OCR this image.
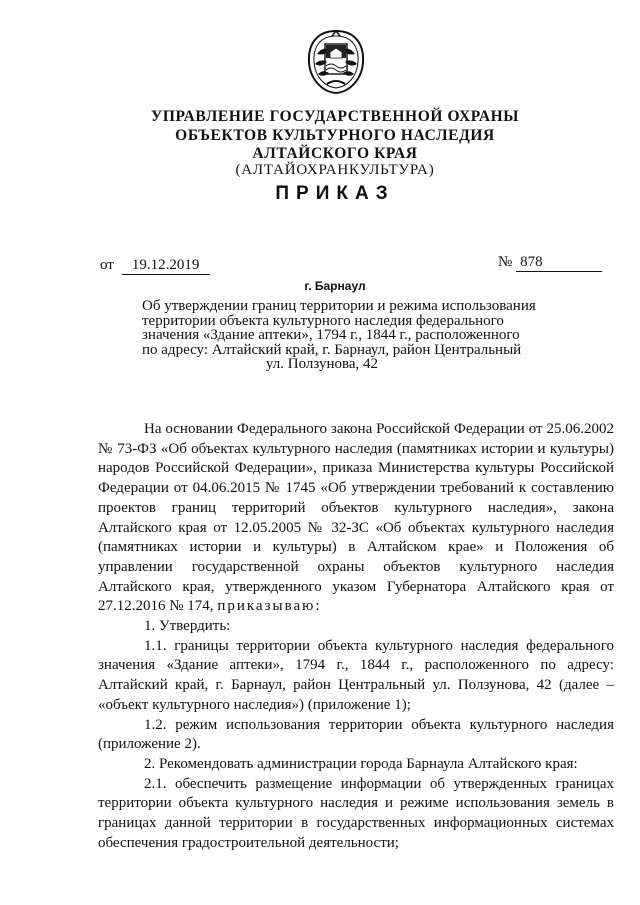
УПРАВЛЕНИЕ ГОСУДАРСТВЕННОЙ ОХРАНЫ
ОБЪЕКТОВ КУЛЬТУРНОГО НАСЛЕДИЯ
АЛТАЙСКОГО КРАЯ
(АЛТАЙОХРАНКУЛЬТУРА)
ПРИКАЗ
от 19.12.2019	№ 878
г. Барнаул
Об утверждении границ территории и режима использования
территории объекта культурного наследия федерального
значения «Здание аптеки», 1794 г., 1844 г., расположенного
по адресу: Алтайский край, г. Барнаул, район Центральный
ул. Ползунова, 42

На основании Федерального закона Российской Федерации от 25.06.2002 № 73-ФЗ «Об объектах культурного наследия (памятниках истории и культуры) народов Российской Федерации», приказа Министерства культуры Российской Федерации от 04.06.2015 № 1745 «Об утверждении требований к составлению проектов границ территорий объектов культурного наследия», закона Алтайского края от 12.05.2005 № 32-ЗС «Об объектах культурного наследия (памятниках истории и культуры) в Алтайском крае» и Положения об управлении государственной охраны объектов культурного наследия Алтайского края, утвержденного указом Губернатора Алтайского края от 27.12.2016 № 174, приказываю:

1. Утвердить:

1.1. границы территории объекта культурного наследия федерального значения «Здание аптеки», 1794 г., 1844 г., расположенного по адресу: Алтайский край, г. Барнаул, район Центральный ул. Ползунова, 42 (далее – «объект культурного наследия») (приложение 1);

1.2. режим использования территории объекта культурного наследия (приложение 2).

2. Рекомендовать администрации города Барнаула Алтайского края:

2.1. обеспечить размещение информации об утвержденных границах территории объекта культурного наследия и режиме использования земель в границах данной территории в государственных информационных системах обеспечения градостроительной деятельности;
